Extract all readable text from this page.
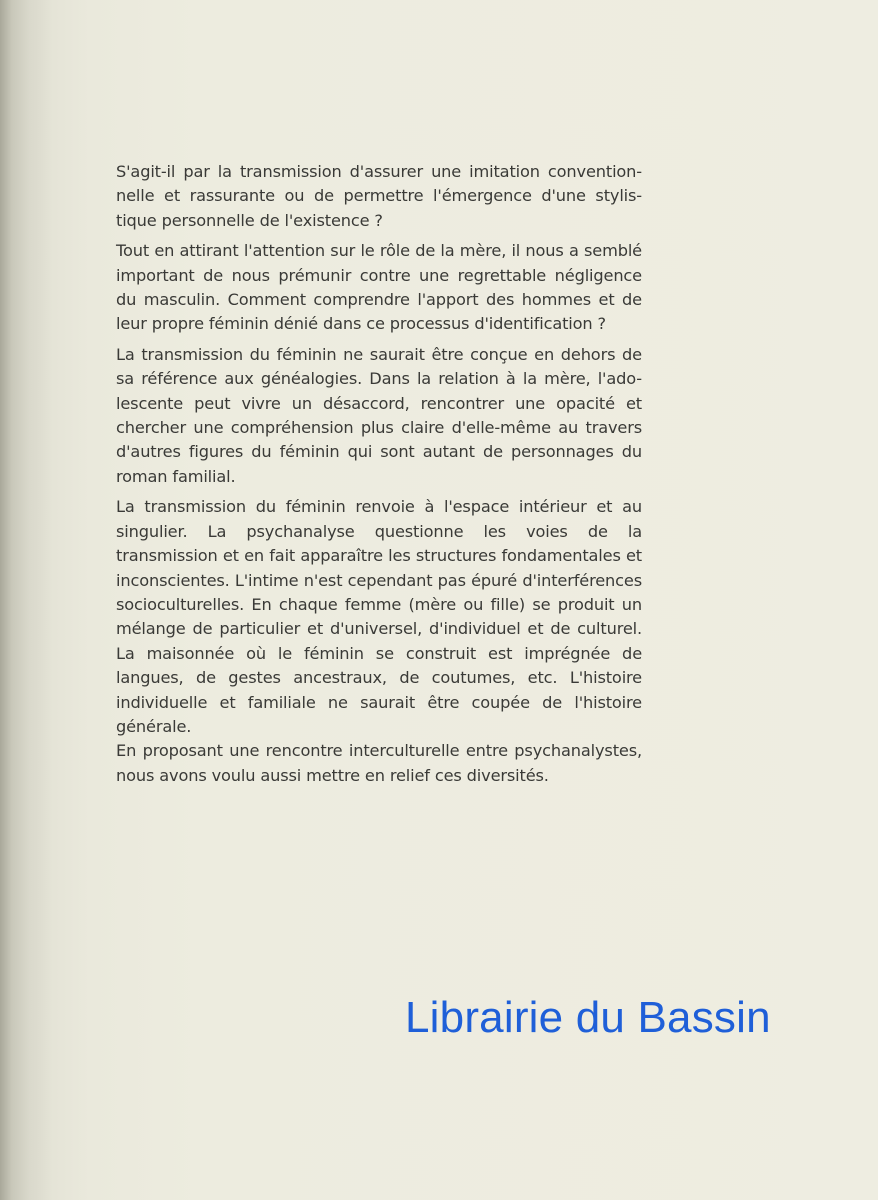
S'agit-il par la transmission d'assurer une imitation convention-nelle et rassurante ou de permettre l'émergence d'une stylis-tique personnelle de l'existence ?

Tout en attirant l'attention sur le rôle de la mère, il nous a semblé important de nous prémunir contre une regrettable négligence du masculin. Comment comprendre l'apport des hommes et de leur propre féminin dénié dans ce processus d'identification ?

La transmission du féminin ne saurait être conçue en dehors de sa référence aux généalogies. Dans la relation à la mère, l'ado-lescente peut vivre un désaccord, rencontrer une opacité et chercher une compréhension plus claire d'elle-même au travers d'autres figures du féminin qui sont autant de personnages du roman familial.

La transmission du féminin renvoie à l'espace intérieur et au singulier. La psychanalyse questionne les voies de la transmission et en fait apparaître les structures fondamentales et inconscientes. L'intime n'est cependant pas épuré d'interférences socioculturelles. En chaque femme (mère ou fille) se produit un mélange de particulier et d'universel, d'individuel et de culturel. La maisonnée où le féminin se construit est imprégnée de langues, de gestes ancestraux, de coutumes, etc. L'histoire individuelle et familiale ne saurait être coupée de l'histoire générale.

En proposant une rencontre interculturelle entre psychanalystes, nous avons voulu aussi mettre en relief ces diversités.

Librairie du Bassin
